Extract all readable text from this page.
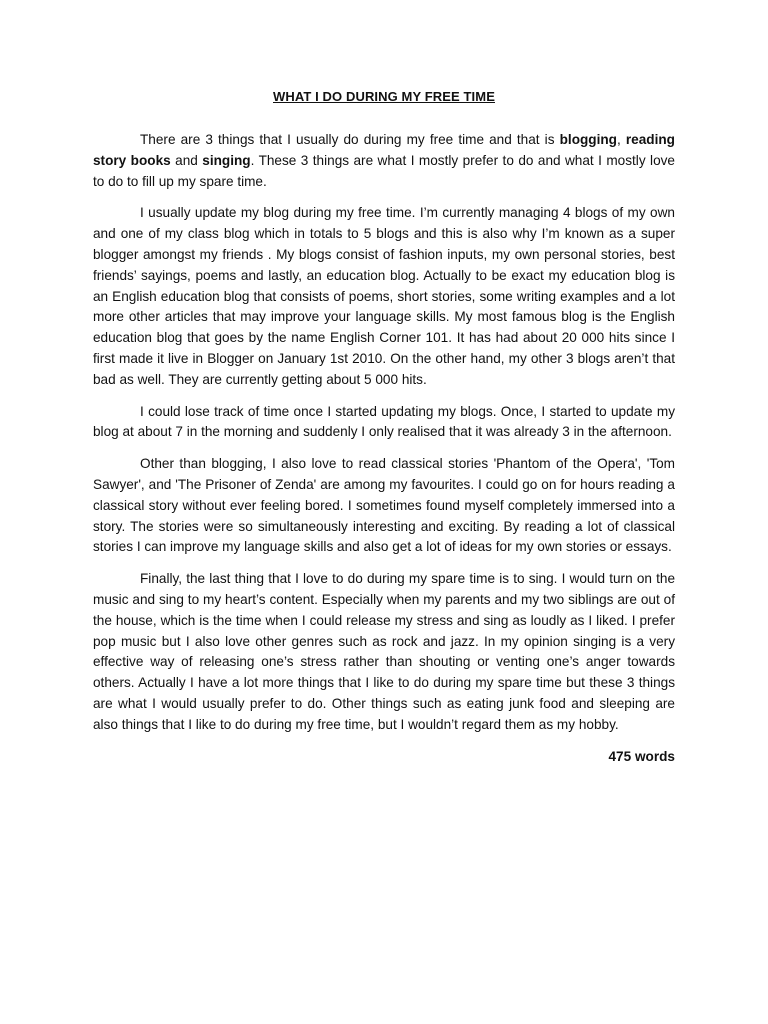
WHAT I DO DURING MY FREE TIME

There are 3 things that I usually do during my free time and that is blogging, reading story books and singing. These 3 things are what I mostly prefer to do and what I mostly love to do to fill up my spare time.

I usually update my blog during my free time. I’m currently managing 4 blogs of my own and one of my class blog which in totals to 5 blogs and this is also why I’m known as a super blogger amongst my friends . My blogs consist of fashion inputs, my own personal stories, best friends’ sayings, poems and lastly, an education blog. Actually to be exact my education blog is an English education blog that consists of poems, short stories, some writing examples and a lot more other articles that may improve your language skills. My most famous blog is the English education blog that goes by the name English Corner 101. It has had about 20 000 hits since I first made it live in Blogger on January 1st 2010. On the other hand, my other 3 blogs aren’t that bad as well. They are currently getting about 5 000 hits.

I could lose track of time once I started updating my blogs. Once, I started to update my blog at about 7 in the morning and suddenly I only realised that it was already 3 in the afternoon.

Other than blogging, I also love to read classical stories 'Phantom of the Opera', 'Tom Sawyer', and 'The Prisoner of Zenda' are among my favourites. I could go on for hours reading a classical story without ever feeling bored. I sometimes found myself completely immersed into a story. The stories were so simultaneously interesting and exciting. By reading a lot of classical stories I can improve my language skills and also get a lot of ideas for my own stories or essays.

Finally, the last thing that I love to do during my spare time is to sing. I would turn on the music and sing to my heart’s content. Especially when my parents and my two siblings are out of the house, which is the time when I could release my stress and sing as loudly as I liked. I prefer pop music but I also love other genres such as rock and jazz. In my opinion singing is a very effective way of releasing one’s stress rather than shouting or venting one’s anger towards others. Actually I have a lot more things that I like to do during my spare time but these 3 things are what I would usually prefer to do. Other things such as eating junk food and sleeping are also things that I like to do during my free time, but I wouldn’t regard them as my hobby.

475 words
